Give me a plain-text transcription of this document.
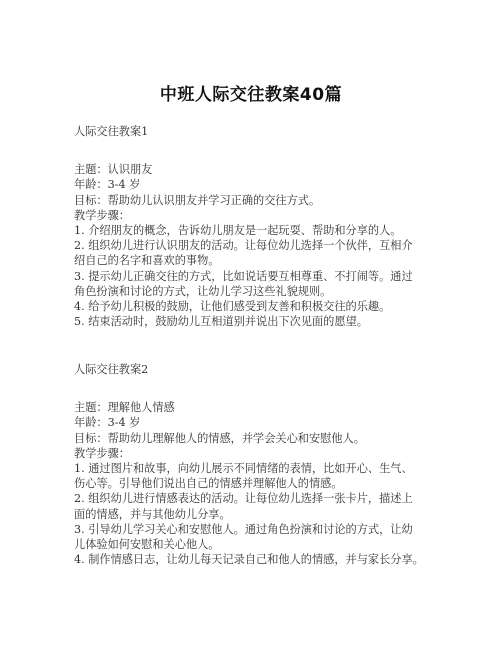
中班人际交往教案40篇

人际交往教案1

主题：认识朋友

年龄：3-4 岁

目标：帮助幼儿认识朋友并学习正确的交往方式。

教学步骤：

1. 介绍朋友的概念，告诉幼儿朋友是一起玩耍、帮助和分享的人。

2. 组织幼儿进行认识朋友的活动。让每位幼儿选择一个伙伴，互相介

绍自己的名字和喜欢的事物。

3. 提示幼儿正确交往的方式，比如说话要互相尊重、不打闹等。通过

角色扮演和讨论的方式，让幼儿学习这些礼貌规则。

4. 给予幼儿积极的鼓励，让他们感受到友善和积极交往的乐趣。

5. 结束活动时，鼓励幼儿互相道别并说出下次见面的愿望。

人际交往教案2

主题：理解他人情感

年龄：3-4 岁

目标：帮助幼儿理解他人的情感，并学会关心和安慰他人。

教学步骤：

1. 通过图片和故事，向幼儿展示不同情绪的表情，比如开心、生气、

伤心等。引导他们说出自己的情感并理解他人的情感。

2. 组织幼儿进行情感表达的活动。让每位幼儿选择一张卡片，描述上

面的情感，并与其他幼儿分享。

3. 引导幼儿学习关心和安慰他人。通过角色扮演和讨论的方式，让幼

儿体验如何安慰和关心他人。

4. 制作情感日志，让幼儿每天记录自己和他人的情感，并与家长分享。
